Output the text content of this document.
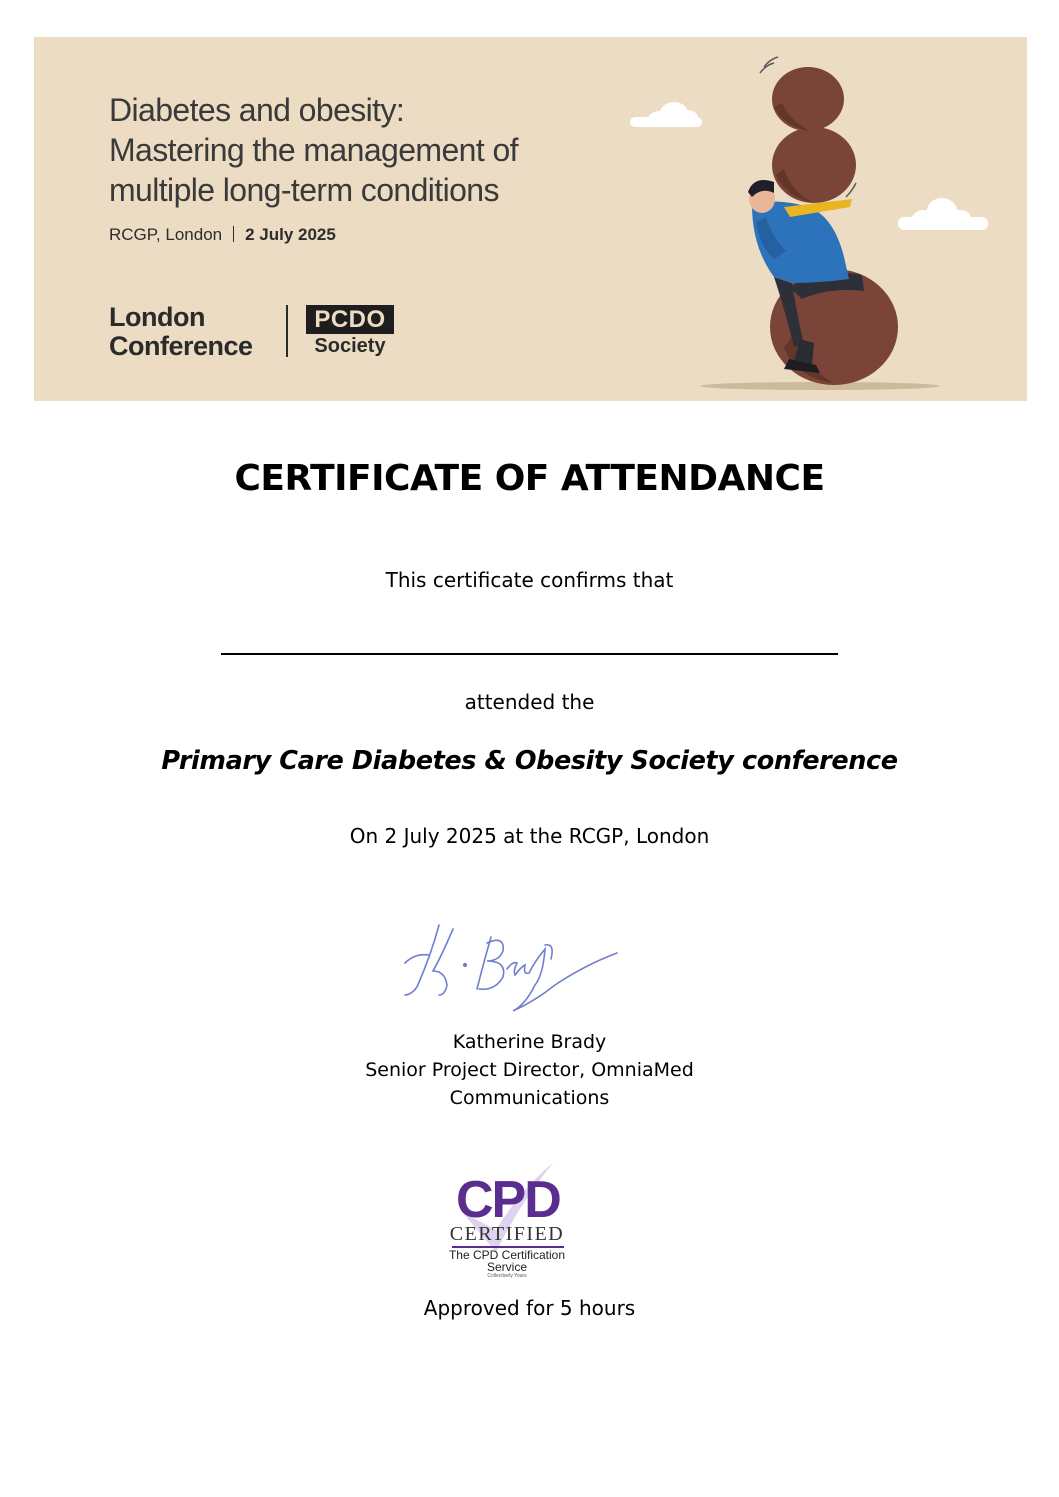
Diabetes and obesity:
Mastering the management of
multiple long-term conditions
RCGP, London 2 July 2025
London
Conference
PCDO
Society
CERTIFICATE OF ATTENDANCE
This certificate confirms that
attended the
Primary Care Diabetes & Obesity Society conference
On 2 July 2025 at the RCGP, London
Katherine Brady
Senior Project Director, OmniaMed
Communications
CPD
CERTIFIED
The CPD Certification
Service
Collectively Yours
Approved for 5 hours
